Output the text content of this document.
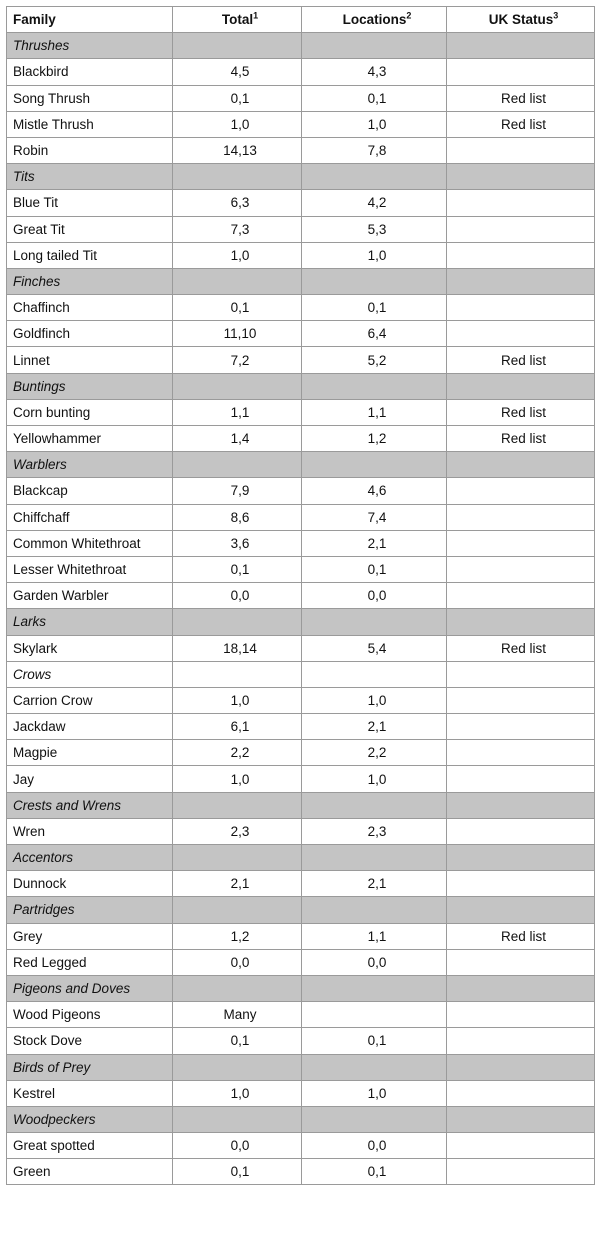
Family	Total$^1$	Locations$^2$	UK Status$^3$
Thrushes			
Blackbird	4,5	4,3	
Song Thrush	0,1	0,1	Red list
Mistle Thrush	1,0	1,0	Red list
Robin	14,13	7,8	
Tits			
Blue Tit	6,3	4,2	
Great Tit	7,3	5,3	
Long tailed Tit	1,0	1,0	
Finches			
Chaffinch	0,1	0,1	
Goldfinch	11,10	6,4	
Linnet	7,2	5,2	Red list
Buntings			
Corn bunting	1,1	1,1	Red list
Yellowhammer	1,4	1,2	Red list
Warblers			
Blackcap	7,9	4,6	
Chiffchaff	8,6	7,4	
Common Whitethroat	3,6	2,1	
Lesser Whitethroat	0,1	0,1	
Garden Warbler	0,0	0,0	
Larks			
Skylark	18,14	5,4	Red list
Crows			
Carrion Crow	1,0	1,0	
Jackdaw	6,1	2,1	
Magpie	2,2	2,2	
Jay	1,0	1,0	
Crests and Wrens			
Wren	2,3	2,3	
Accentors			
Dunnock	2,1	2,1	
Partridges			
Grey	1,2	1,1	Red list
Red Legged	0,0	0,0	
Pigeons and Doves			
Wood Pigeons	Many		
Stock Dove	0,1	0,1	
Birds of Prey			
Kestrel	1,0	1,0	
Woodpeckers			
Great spotted	0,0	0,0	
Green	0,1	0,1	
